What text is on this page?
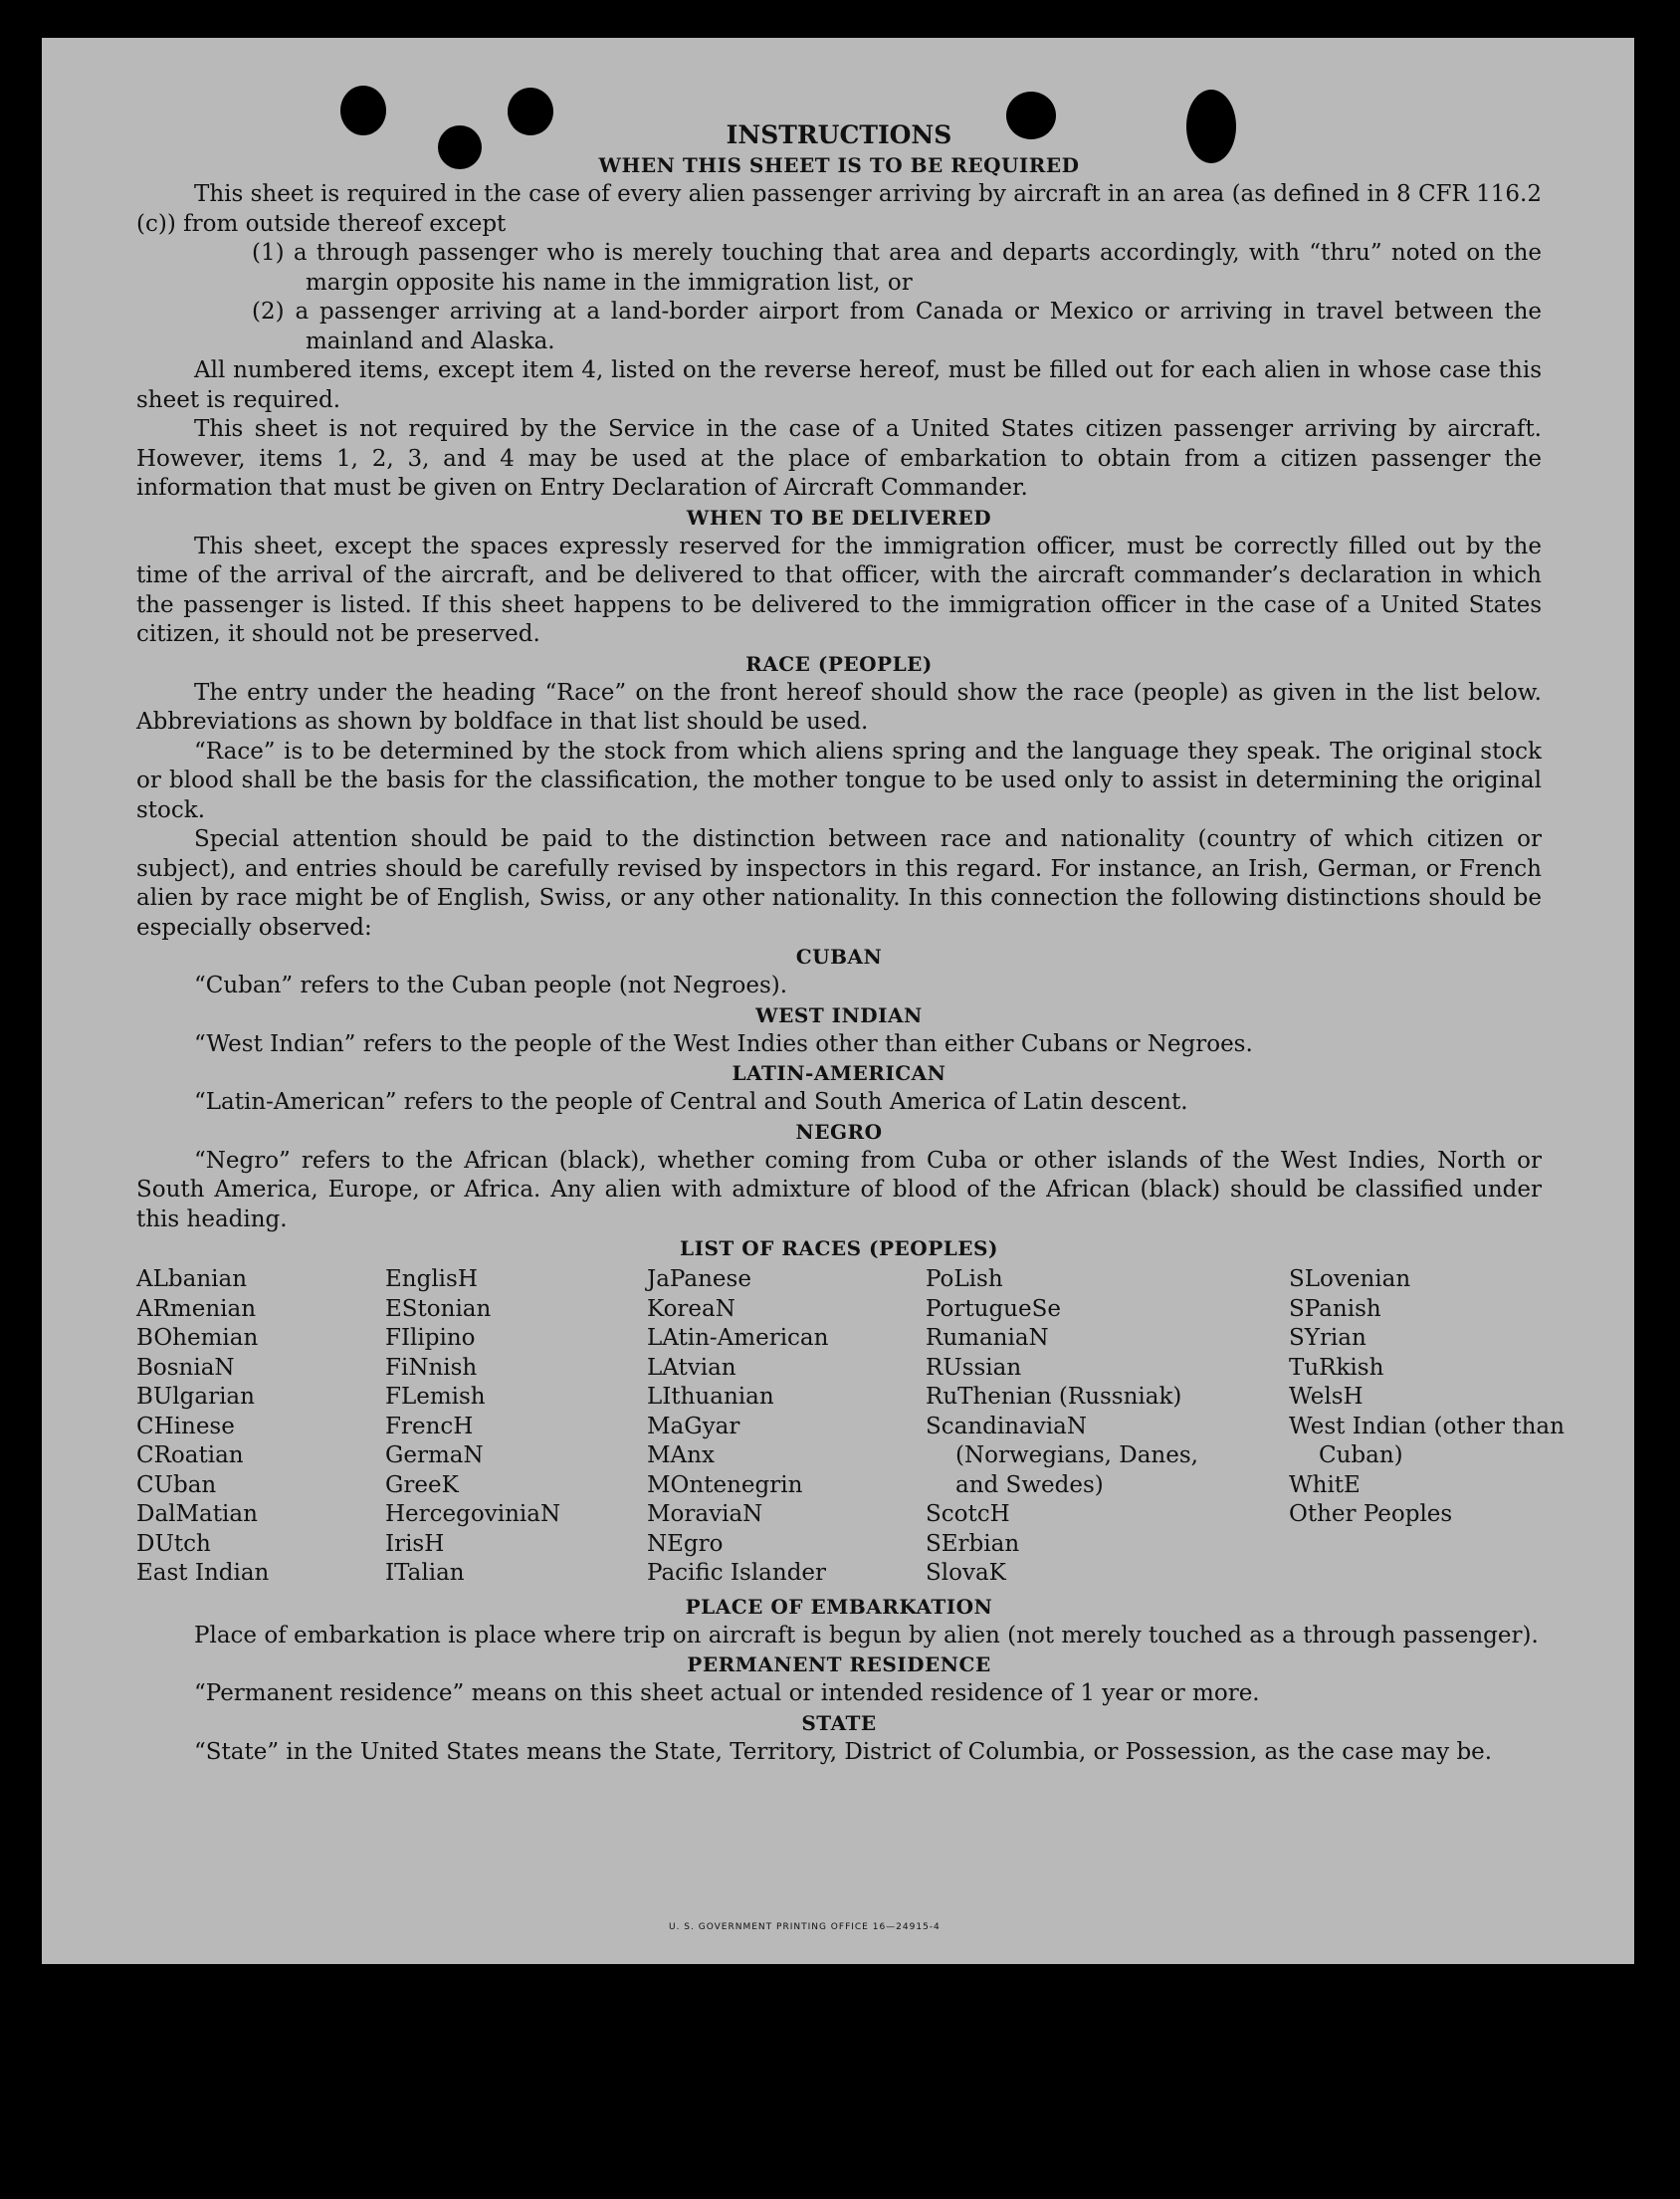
INSTRUCTIONS

WHEN THIS SHEET IS TO BE REQUIRED

This sheet is required in the case of every alien passenger arriving by aircraft in an area (as defined in 8 CFR 116.2 (c)) from outside thereof except

(1) a through passenger who is merely touching that area and departs accordingly, with “thru” noted on the margin opposite his name in the immigration list, or

(2) a passenger arriving at a land-border airport from Canada or Mexico or arriving in travel between the mainland and Alaska.

All numbered items, except item 4, listed on the reverse hereof, must be filled out for each alien in whose case this sheet is required.

This sheet is not required by the Service in the case of a United States citizen passenger arriving by aircraft. However, items 1, 2, 3, and 4 may be used at the place of embarkation to obtain from a citizen passenger the information that must be given on Entry Declaration of Aircraft Commander.

WHEN TO BE DELIVERED

This sheet, except the spaces expressly reserved for the immigration officer, must be correctly filled out by the time of the arrival of the aircraft, and be delivered to that officer, with the aircraft commander’s declaration in which the passenger is listed. If this sheet happens to be delivered to the immigration officer in the case of a United States citizen, it should not be preserved.

RACE (PEOPLE)

The entry under the heading “Race” on the front hereof should show the race (people) as given in the list below. Abbreviations as shown by boldface in that list should be used.

“Race” is to be determined by the stock from which aliens spring and the language they speak. The original stock or blood shall be the basis for the classification, the mother tongue to be used only to assist in determining the original stock.

Special attention should be paid to the distinction between race and nationality (country of which citizen or subject), and entries should be carefully revised by inspectors in this regard. For instance, an Irish, German, or French alien by race might be of English, Swiss, or any other nationality. In this connection the following distinctions should be especially observed:

CUBAN

“Cuban” refers to the Cuban people (not Negroes).

WEST INDIAN

“West Indian” refers to the people of the West Indies other than either Cubans or Negroes.

LATIN-AMERICAN

“Latin-American” refers to the people of Central and South America of Latin descent.

NEGRO

“Negro” refers to the African (black), whether coming from Cuba or other islands of the West Indies, North or South America, Europe, or Africa. Any alien with admixture of blood of the African (black) should be classified under this heading.

LIST OF RACES (PEOPLES)

ALbanian
ARmenian
BOhemian
BosniaN
BUlgarian
CHinese
CRoatian
CUban
DalMatian
DUtch
East Indian
EnglisH
EStonian
FIlipino
FiNnish
FLemish
FrencH
GermaN
GreeK
HercegoviniaN
IrisH
ITalian
JaPanese
KoreaN
LAtin-American
LAtvian
LIthuanian
MaGyar
MAnx
MOntenegrin
MoraviaN
NEgro
Pacific Islander
PoLish
PortugueSe
RumaniaN
RUssian
RuThenian (Russniak)
ScandinaviaN (Norwegians, Danes, and Swedes)
ScotcH
SErbian
SlovaK
SLovenian
SPanish
SYrian
TuRkish
WelsH
West Indian (other than Cuban)
WhitE
Other Peoples

PLACE OF EMBARKATION

Place of embarkation is place where trip on aircraft is begun by alien (not merely touched as a through passenger).

PERMANENT RESIDENCE

“Permanent residence” means on this sheet actual or intended residence of 1 year or more.

STATE

“State” in the United States means the State, Territory, District of Columbia, or Possession, as the case may be.

U. S. GOVERNMENT PRINTING OFFICE 16—24915-4
